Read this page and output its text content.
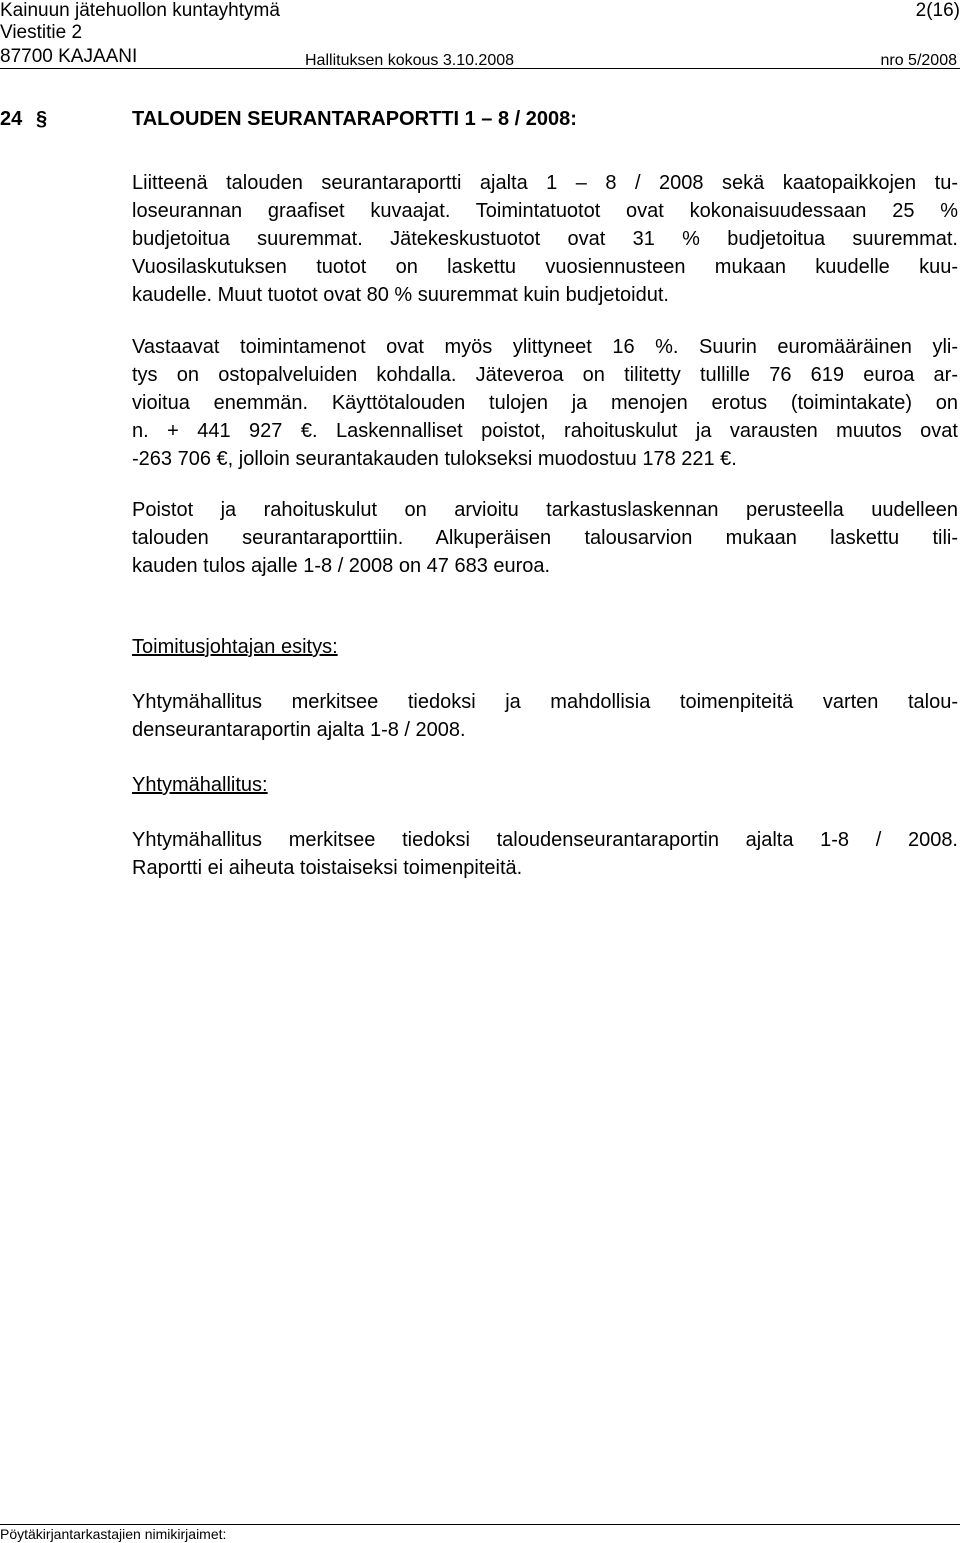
Kainuun jätehuollon kuntayhtymä	2(16)
Viestitie 2
87700 KAJAANI	Hallituksen kokous 3.10.2008	nro 5/2008
24 §	TALOUDEN SEURANTARAPORTTI 1 – 8 / 2008:

Liitteenä talouden seurantaraportti ajalta 1 – 8 / 2008 sekä kaatopaikkojen tu-
loseurannan graafiset kuvaajat. Toimintatuotot ovat kokonaisuudessaan 25 %
budjetoitua suuremmat. Jätekeskustuotot ovat 31 % budjetoitua suuremmat.
Vuosilaskutuksen tuotot on laskettu vuosiennusteen mukaan kuudelle kuu-
kaudelle. Muut tuotot ovat 80 % suuremmat kuin budjetoidut.

Vastaavat toimintamenot ovat myös ylittyneet 16 %. Suurin euromääräinen yli-
tys on ostopalveluiden kohdalla. Jäteveroa on tilitetty tullille 76 619 euroa ar-
vioitua enemmän. Käyttötalouden tulojen ja menojen erotus (toimintakate) on
n. + 441 927 €. Laskennalliset poistot, rahoituskulut ja varausten muutos ovat
-263 706 €, jolloin seurantakauden tulokseksi muodostuu 178 221 €.

Poistot ja rahoituskulut on arvioitu tarkastuslaskennan perusteella uudelleen
talouden seurantaraporttiin. Alkuperäisen talousarvion mukaan laskettu tili-
kauden tulos ajalle 1-8 / 2008 on 47 683 euroa.

Toimitusjohtajan esitys:

Yhtymähallitus merkitsee tiedoksi ja mahdollisia toimenpiteitä varten talou-
denseurantaraportin ajalta 1-8 / 2008.

Yhtymähallitus:

Yhtymähallitus merkitsee tiedoksi taloudenseurantaraportin ajalta 1-8 / 2008.
Raportti ei aiheuta toistaiseksi toimenpiteitä.

Pöytäkirjantarkastajien nimikirjaimet:
